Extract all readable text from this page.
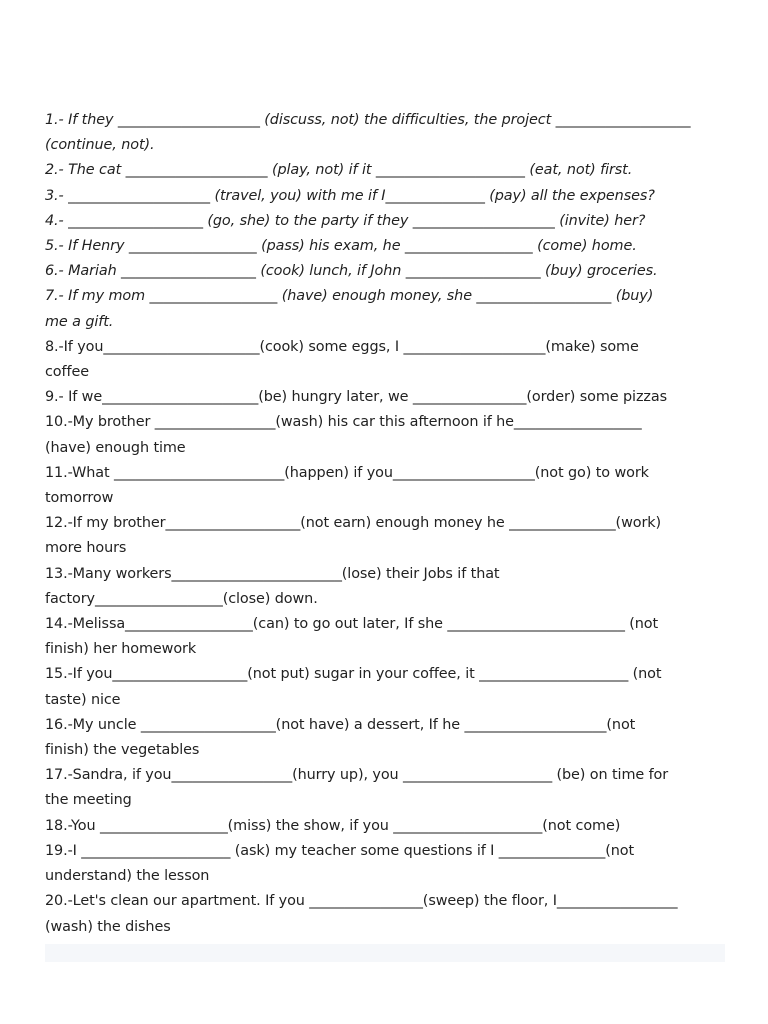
1.- If they ____________________ (discuss, not) the difficulties, the project ___________________

(continue, not).

2.- The cat ____________________ (play, not) if it _____________________ (eat, not) first.

3.- ____________________ (travel, you) with me if I______________ (pay) all the expenses?

4.- ___________________ (go, she) to the party if they ____________________ (invite) her?

5.- If Henry __________________ (pass) his exam, he __________________ (come) home.

6.- Mariah ___________________ (cook) lunch, if John ___________________ (buy) groceries.

7.- If my mom __________________ (have) enough money, she ___________________ (buy)

me a gift.

8.-If you______________________(cook) some eggs, I ____________________(make) some

coffee

9.- If we______________________(be) hungry later, we ________________(order) some pizzas

10.-My brother _________________(wash) his car this afternoon if he__________________

(have) enough time

11.-What ________________________(happen) if you____________________(not go) to work

tomorrow

12.-If my brother___________________(not earn) enough money he _______________(work)

more hours

13.-Many workers________________________(lose) their Jobs if that

factory__________________(close) down.

14.-Melissa__________________(can) to go out later, If she _________________________ (not

finish) her homework

15.-If you___________________(not put) sugar in your coffee, it _____________________ (not

taste) nice

16.-My uncle ___________________(not have) a dessert, If he ____________________(not

finish) the vegetables

17.-Sandra, if you_________________(hurry up), you _____________________ (be) on time for

the meeting

18.-You __________________(miss) the show, if you _____________________(not come)

19.-I _____________________ (ask) my teacher some questions if I _______________(not

understand) the lesson

20.-Let's clean our apartment. If you ________________(sweep) the floor, I_________________

(wash) the dishes
